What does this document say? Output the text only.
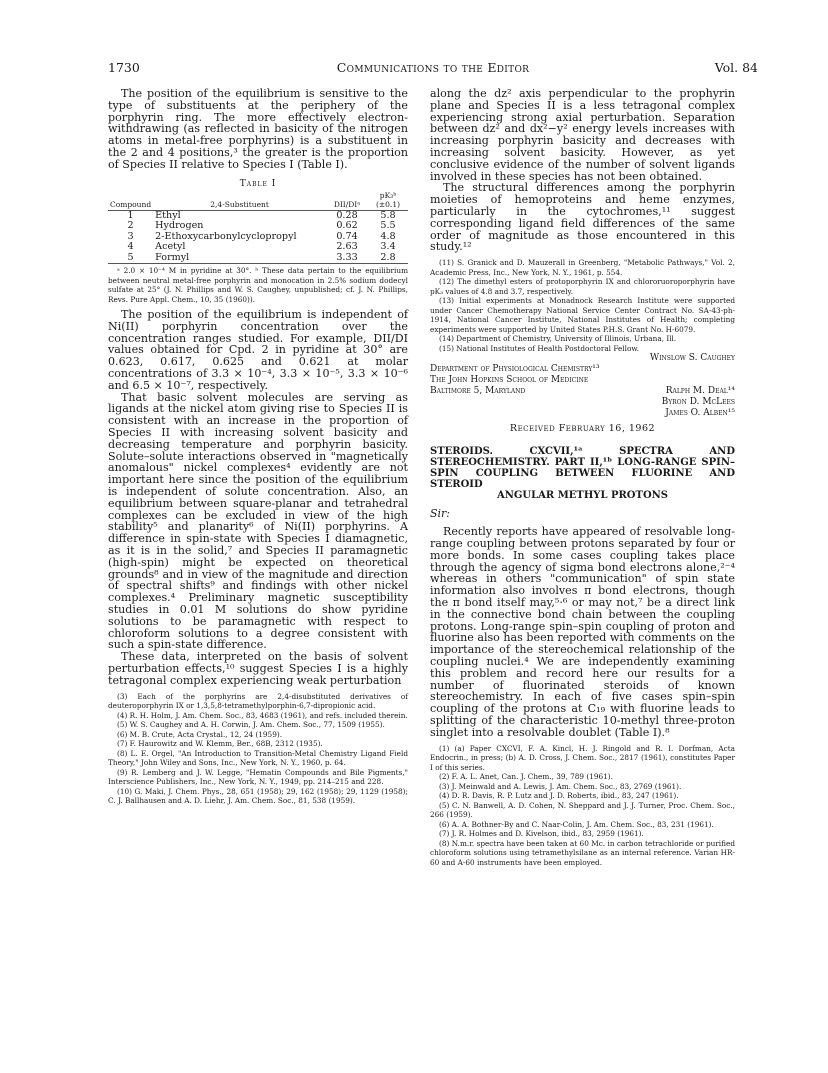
1730	Communications to the Editor	Vol. 84

The position of the equilibrium is sensitive to the type of substituents at the periphery of the porphyrin ring. The more effectively electron-withdrawing (as reflected in basicity of the nitrogen atoms in metal-free porphyrins) is a substituent in the 2 and 4 positions,³ the greater is the proportion of Species II relative to Species I (Table I).

Table I
Compound	2,4-Substituent	DII/DIᵃ	pK₃ᵇ (±0.1)
1	Ethyl	0.28	5.8
2	Hydrogen	0.62	5.5
3	2-Ethoxycarbonylcyclopropyl	0.74	4.8
4	Acetyl	2.63	3.4
5	Formyl	3.33	2.8

ᵃ 2.0 × 10⁻⁴ M in pyridine at 30°. ᵇ These data pertain to the equilibrium between neutral metal-free porphyrin and monocation in 2.5% sodium dodecyl sulfate at 25° (J. N. Phillips and W. S. Caughey, unpublished; cf. J. N. Phillips, Revs. Pure Appl. Chem., 10, 35 (1960)).

The position of the equilibrium is independent of Ni(II) porphyrin concentration over the concentration ranges studied. For example, DII/DI values obtained for Cpd. 2 in pyridine at 30° are 0.623, 0.617, 0.625 and 0.621 at molar concentrations of 3.3 × 10⁻⁴, 3.3 × 10⁻⁵, 3.3 × 10⁻⁶ and 6.5 × 10⁻⁷, respectively.

That basic solvent molecules are serving as ligands at the nickel atom giving rise to Species II is consistent with an increase in the proportion of Species II with increasing solvent basicity and decreasing temperature and porphyrin basicity. Solute–solute interactions observed in "magnetically anomalous" nickel complexes⁴ evidently are not important here since the position of the equilibrium is independent of solute concentration. Also, an equilibrium between square-planar and tetrahedral complexes can be excluded in view of the high stability⁵ and planarity⁶ of Ni(II) porphyrins. A difference in spin-state with Species I diamagnetic, as it is in the solid,⁷ and Species II paramagnetic (high-spin) might be expected on theoretical grounds⁸ and in view of the magnitude and direction of spectral shifts⁹ and findings with other nickel complexes.⁴ Preliminary magnetic susceptibility studies in 0.01 M solutions do show pyridine solutions to be paramagnetic with respect to chloroform solutions to a degree consistent with such a spin-state difference.

These data, interpreted on the basis of solvent perturbation effects,¹⁰ suggest Species I is a highly tetragonal complex experiencing weak perturbation

(3) Each of the porphyrins are 2,4-disubstituted derivatives of deuteroporphyrin IX or 1,3,5,8-tetramethylporphin-6,7-dipropionic acid.

(4) R. H. Holm, J. Am. Chem. Soc., 83, 4683 (1961), and refs. included therein.

(5) W. S. Caughey and A. H. Corwin, J. Am. Chem. Soc., 77, 1509 (1955).

(6) M. B. Crute, Acta Crystal., 12, 24 (1959).

(7) F. Haurowitz and W. Klemm, Ber., 68B, 2312 (1935).

(8) L. E. Orgel, "An Introduction to Transition-Metal Chemistry Ligand Field Theory," John Wiley and Sons, Inc., New York, N. Y., 1960, p. 64.

(9) R. Lemberg and J. W. Legge, "Hematin Compounds and Bile Pigments," Interscience Publishers, Inc., New York, N. Y., 1949, pp. 214–215 and 228.

(10) G. Maki, J. Chem. Phys., 28, 651 (1958); 29, 162 (1958); 29, 1129 (1958); C. J. Ballhausen and A. D. Liehr, J. Am. Chem. Soc., 81, 538 (1959).

along the dz² axis perpendicular to the prophyrin plane and Species II is a less tetragonal complex experiencing strong axial perturbation. Separation between dz² and dx²−y² energy levels increases with increasing porphyrin basicity and decreases with increasing solvent basicity. However, as yet conclusive evidence of the number of solvent ligands involved in these species has not been obtained.

The structural differences among the porphyrin moieties of hemoproteins and heme enzymes, particularly in the cytochromes,¹¹ suggest corresponding ligand field differences of the same order of magnitude as those encountered in this study.¹²

(11) S. Granick and D. Mauzerall in Greenberg, "Metabolic Pathways," Vol. 2, Academic Press, Inc., New York, N. Y., 1961, p. 554.

(12) The dimethyl esters of protoporphyrin IX and chlororuoroporphyrin have pK₃ values of 4.8 and 3.7, respectively.

(13) Initial experiments at Monadnock Research Institute were supported under Cancer Chemotherapy National Service Center Contract No. SA-43-ph-1914, National Cancer Institute, National Institutes of Health; completing experiments were supported by United States P.H.S. Grant No. H-6079.

(14) Department of Chemistry, University of Illinois, Urbana, Ill.

(15) National Institutes of Health Postdoctoral Fellow.

Winslow S. Caughey
Department of Physiological Chemistry¹³
The John Hopkins School of Medicine
Baltimore 5, Maryland	Ralph M. Deal¹⁴
Byron D. McLees
James O. Alben¹⁵
Received February 16, 1962
STEROIDS. CXCVII,¹ᵃ SPECTRA AND STEREOCHEMISTRY. PART II,¹ᵇ LONG-RANGE SPIN–SPIN COUPLING BETWEEN FLUORINE AND STEROID
ANGULAR METHYL PROTONS
Sir:

Recently reports have appeared of resolvable long-range coupling between protons separated by four or more bonds. In some cases coupling takes place through the agency of sigma bond electrons alone,²⁻⁴ whereas in others "communication" of spin state information also involves π bond electrons, though the π bond itself may,⁵·⁶ or may not,⁷ be a direct link in the connective bond chain between the coupling protons. Long-range spin–spin coupling of proton and fluorine also has been reported with comments on the importance of the stereochemical relationship of the coupling nuclei.⁴ We are independently examining this problem and record here our results for a number of fluorinated steroids of known stereochemistry. In each of five cases spin–spin coupling of the protons at C₁₉ with fluorine leads to splitting of the characteristic 10-methyl three-proton singlet into a resolvable doublet (Table I).⁸

(1) (a) Paper CXCVI, F. A. Kincl, H. J. Ringold and R. I. Dorfman, Acta Endocrin., in press; (b) A. D. Cross, J. Chem. Soc., 2817 (1961), constitutes Paper I of this series.

(2) F. A. L. Anet, Can. J. Chem., 39, 789 (1961).

(3) J. Meinwald and A. Lewis, J. Am. Chem. Soc., 83, 2769 (1961).

(4) D. R. Davis, R. P. Lutz and J. D. Roberts, ibid., 83, 247 (1961).

(5) C. N. Banwell, A. D. Cohen, N. Sheppard and J. J. Turner, Proc. Chem. Soc., 266 (1959).

(6) A. A. Bothner-By and C. Naar-Colin, J. Am. Chem. Soc., 83, 231 (1961).

(7) J. R. Holmes and D. Kivelson, ibid., 83, 2959 (1961).

(8) N.m.r. spectra have been taken at 60 Mc. in carbon tetrachloride or purified chloroform solutions using tetramethylsilane as an internal reference. Varian HR-60 and A-60 instruments have been employed.
